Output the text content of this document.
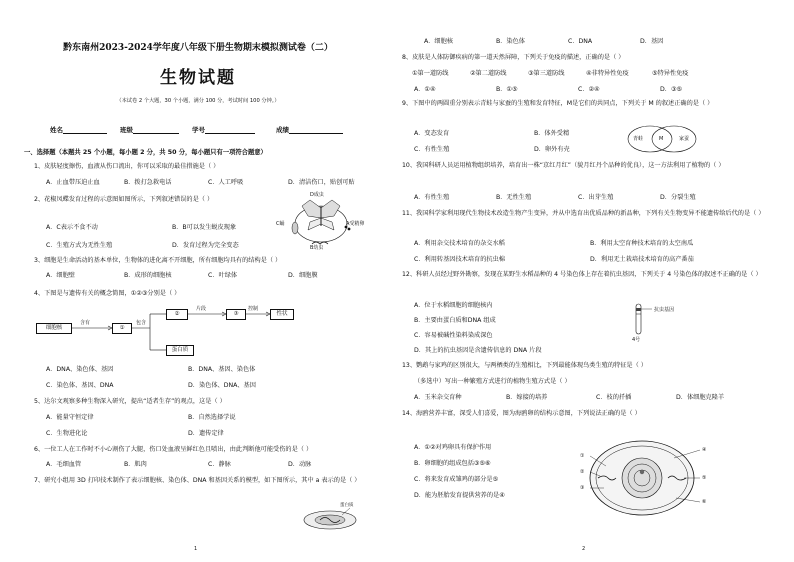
黔东南州2023-2024学年度八年级下册生物期末模拟测试卷（二）
生物试题
（本试卷 2 个大题，30 个小题，满分 100 分，考试时间 100 分钟。）
姓名	班级	学号	成绩
一、选择题（本题共 25 个小题，每小题 2 分，共 50 分，每小题只有一项符合题意）
1、皮肤轻度擦伤，血液从伤口流出，你可以采取的最佳措施是（ ）
A．止血带压迫止血	B．拨打急救电话	C．人工呼吸	D．清洁伤口，贴创可贴
2、花椒凤蝶发育过程的示意图如图所示，下列叙述错误的是（ ）
A．C表示不食不动	B．B可以发生蜕皮现象
C．生殖方式为无性生殖	D．发育过程为完全变态
D成虫
C蛹	A受精卵
B幼虫
3、细胞是生命活动的基本单位，生物体的进化离不开细胞，所有细胞均具有的结构是（ ）
A．细胞壁	B．成形的细胞核	C．叶绿体	D．细胞膜
4、下图是与遗传有关的概念简图，①②③分别是（ ）
细胞核
含有
①
包含
②
片段
③
控制
性状
蛋白质
A．DNA、染色体、基因	B．DNA、基因、染色体
C．染色体、基因、DNA	D．染色体、DNA、基因
5、达尔文观察多种生物深入研究，提出“适者生存”的观点，这是（ ）
A．能量守恒定律	B．自然选择学说
C．生物进化论	D．遗传定律
6、一位工人在工作时不小心割伤了大腿，伤口处血液呈鲜红色且喷出，由此判断他可能受伤的是（ ）
A．毛细血管	B．肌肉	C．静脉	D．动脉
7、研究小组用 3D 打印技术制作了表示细胞核、染色体、DNA 和基因关系的模型，如下图所示，其中 a 表示的是（ ）
蛋白质
1
A．细胞核	B．染色体	C．DNA	D．基因
8、皮肤是人体防御疾病的第一道天然屏障，下列关于免疫的描述，正确的是（ ）
①第一道防线	②第二道防线	③第三道防线	④非特异性免疫	⑤特异性免疫
A．①④	B．①⑤	C．②④	D．③⑤
9、下图中的两圆重分别表示青蛙与家蚕的生殖和发育特征，M是它们的共同点，下列关于 M 的叙述正确的是（ ）
A．变态发育	B．体外受精
C．有性生殖	D．卵外有壳
青蛙	M	家蚕
10、我国科研人员运用植物组织培养，培育出一株“京红月红”（貌月红丹个品种的优良），这一方法利用了植物的（ ）
A．有性生殖	B．无性生殖	C．出芽生殖	D．分裂生殖
11、我国科学家利用现代生物技术改造生物产生变异，并从中选育出优质品种的新品种，下列有关生物变异不能遗传给后代的是（ ）
A．利用杂交技术培育的杂交水稻	B．利用太空育种技术培育的太空南瓜
C．利用转基因技术培育的抗虫棉	D．利用无土栽培技术培育的高产番茄
12、科研人员经过野外勘察，发现在某野生水稻品种的 4 号染色体上存在着抗虫基因，下列关于 4 号染色体的叙述不正确的是（ ）
A．位于水稻细胞的细胞核内
B．主要由蛋白质和DNA 组成
C．容易被碱性染料染成深色
D．其上的抗虫基因是含遗传信息的 DNA 片段
抗虫基因
4号
13、鹦鹉与家鸡的区别很大，与两栖类的生殖相比，下列最能体现鸟类生殖的特征是（ ）
（多选中）写出一种繁殖方式进行的植物生殖方式是（ ）
A．玉米杂交育种	B．嫁接的培养	C．枝的扦插	D．体细胞克隆羊
14、海鸥营养丰富，深受人们喜爱，图为海鸥卵的结构示意图，下列说法正确的是（ ）
A．①②对鸡卵具有保护作用
B．卵细胞的组成包括③⑤⑥
C．将来发育成雏鸡的部分是⑤
D．能为胚胎发育提供营养的是④
①
②
③
④
⑤
⑥
2
